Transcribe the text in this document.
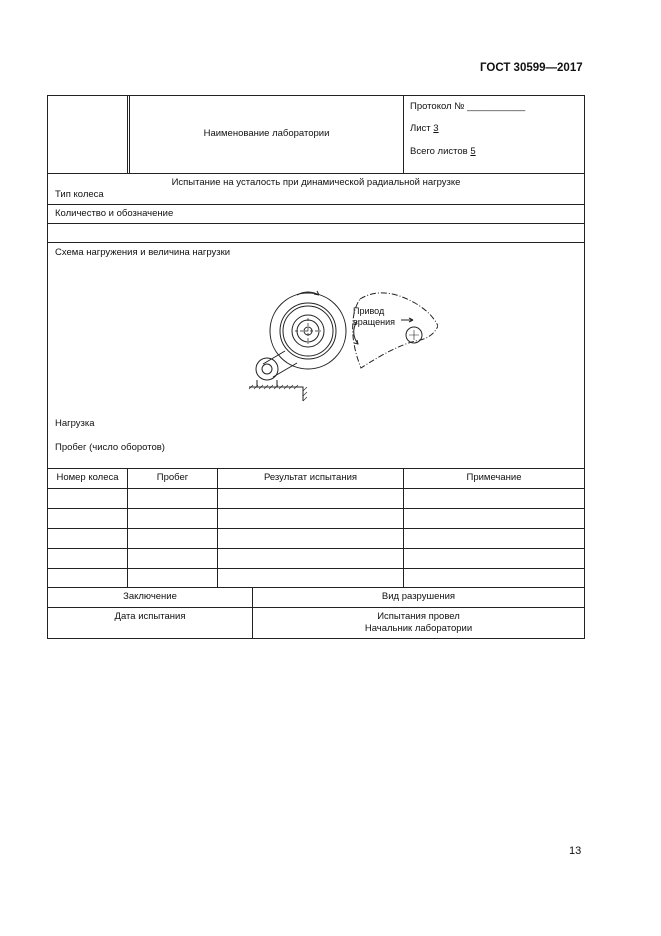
ГОСТ 30599—2017
Наименование лаборатории
Протокол № ___________
Лист 3
Всего листов 5
Испытание на усталость при динамической радиальной нагрузке
Тип колеса
Количество и обозначение
Схема нагружения и величина нагрузки
Привод
вращения
Нагрузка
Пробег (число оборотов)
Номер колеса	Пробег	Результат испытания	Примечание
Заключение	Вид разрушения
Дата испытания	Испытания провел
Начальник лаборатории
13
